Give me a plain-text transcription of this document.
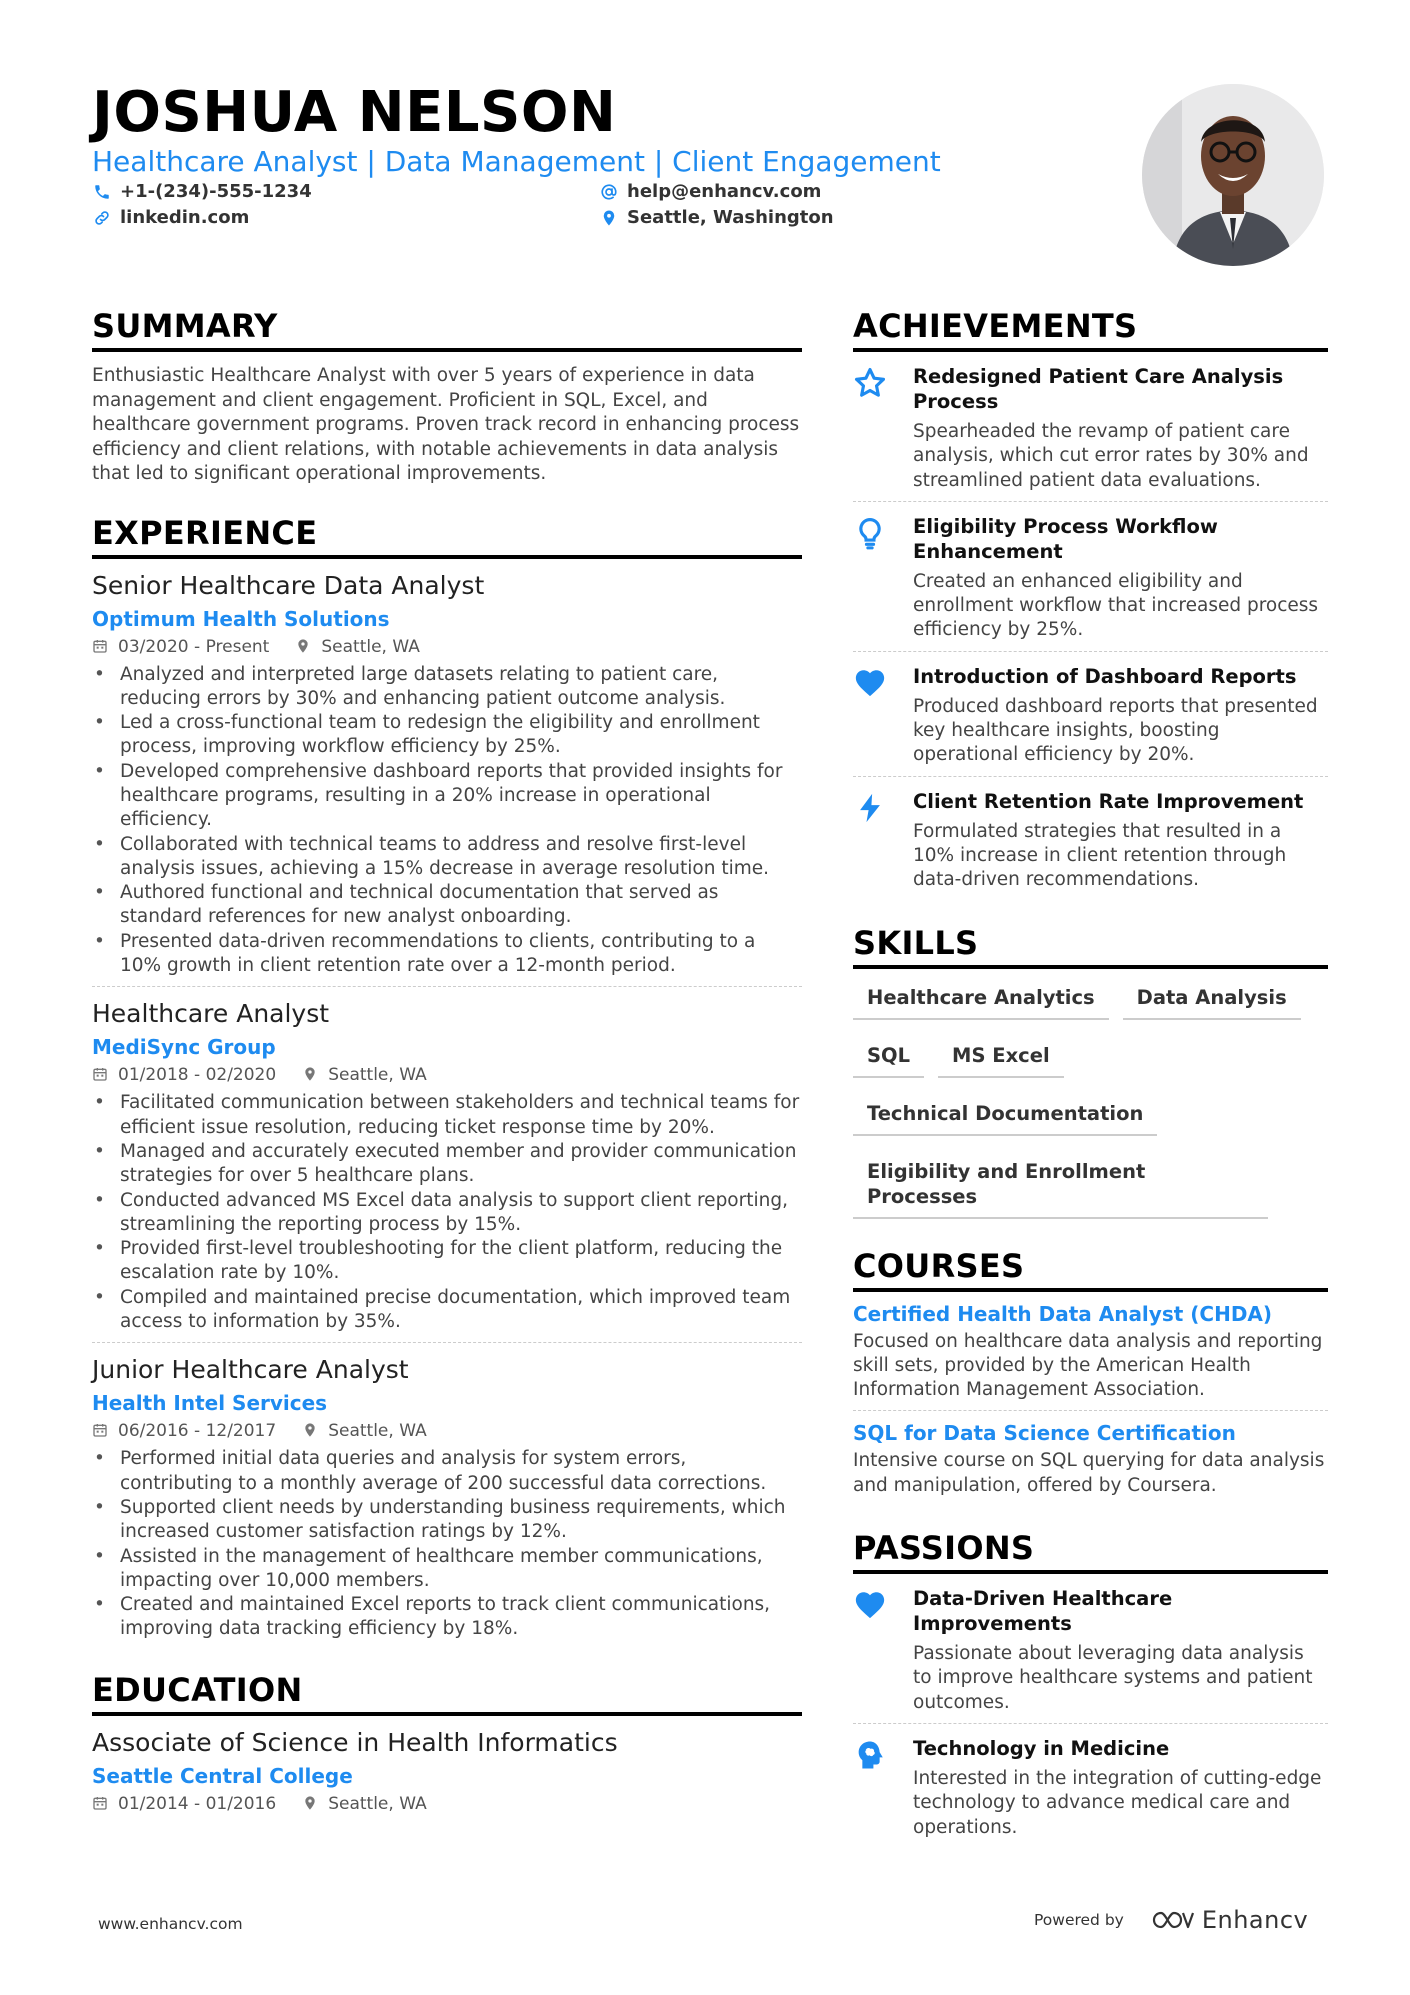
JOSHUA NELSON
Healthcare Analyst | Data Management | Client Engagement
+1-(234)-555-1234	help@enhancv.com
linkedin.com	Seattle, Washington
SUMMARY
Enthusiastic Healthcare Analyst with over 5 years of experience in data management and client engagement. Proficient in SQL, Excel, and healthcare government programs. Proven track record in enhancing process efficiency and client relations, with notable achievements in data analysis that led to significant operational improvements.
EXPERIENCE
Senior Healthcare Data Analyst
Optimum Health Solutions
03/2020 - Present	Seattle, WA
• Analyzed and interpreted large datasets relating to patient care, reducing errors by 30% and enhancing patient outcome analysis.
• Led a cross-functional team to redesign the eligibility and enrollment process, improving workflow efficiency by 25%.
• Developed comprehensive dashboard reports that provided insights for healthcare programs, resulting in a 20% increase in operational efficiency.
• Collaborated with technical teams to address and resolve first-level analysis issues, achieving a 15% decrease in average resolution time.
• Authored functional and technical documentation that served as standard references for new analyst onboarding.
• Presented data-driven recommendations to clients, contributing to a 10% growth in client retention rate over a 12-month period.
Healthcare Analyst
MediSync Group
01/2018 - 02/2020	Seattle, WA
• Facilitated communication between stakeholders and technical teams for efficient issue resolution, reducing ticket response time by 20%.
• Managed and accurately executed member and provider communication strategies for over 5 healthcare plans.
• Conducted advanced MS Excel data analysis to support client reporting, streamlining the reporting process by 15%.
• Provided first-level troubleshooting for the client platform, reducing the escalation rate by 10%.
• Compiled and maintained precise documentation, which improved team access to information by 35%.
Junior Healthcare Analyst
Health Intel Services
06/2016 - 12/2017	Seattle, WA
• Performed initial data queries and analysis for system errors, contributing to a monthly average of 200 successful data corrections.
• Supported client needs by understanding business requirements, which increased customer satisfaction ratings by 12%.
• Assisted in the management of healthcare member communications, impacting over 10,000 members.
• Created and maintained Excel reports to track client communications, improving data tracking efficiency by 18%.
EDUCATION
Associate of Science in Health Informatics
Seattle Central College
01/2014 - 01/2016	Seattle, WA
ACHIEVEMENTS
Redesigned Patient Care Analysis Process
Spearheaded the revamp of patient care analysis, which cut error rates by 30% and streamlined patient data evaluations.
Eligibility Process Workflow Enhancement
Created an enhanced eligibility and enrollment workflow that increased process efficiency by 25%.
Introduction of Dashboard Reports
Produced dashboard reports that presented key healthcare insights, boosting operational efficiency by 20%.
Client Retention Rate Improvement
Formulated strategies that resulted in a 10% increase in client retention through data-driven recommendations.
SKILLS
Healthcare Analytics	Data Analysis
SQL	MS Excel
Technical Documentation
Eligibility and Enrollment Processes
COURSES
Certified Health Data Analyst (CHDA)
Focused on healthcare data analysis and reporting skill sets, provided by the American Health Information Management Association.
SQL for Data Science Certification
Intensive course on SQL querying for data analysis and manipulation, offered by Coursera.
PASSIONS
Data-Driven Healthcare Improvements
Passionate about leveraging data analysis to improve healthcare systems and patient outcomes.
Technology in Medicine
Interested in the integration of cutting-edge technology to advance medical care and operations.
www.enhancv.com	Powered by	Enhancv
